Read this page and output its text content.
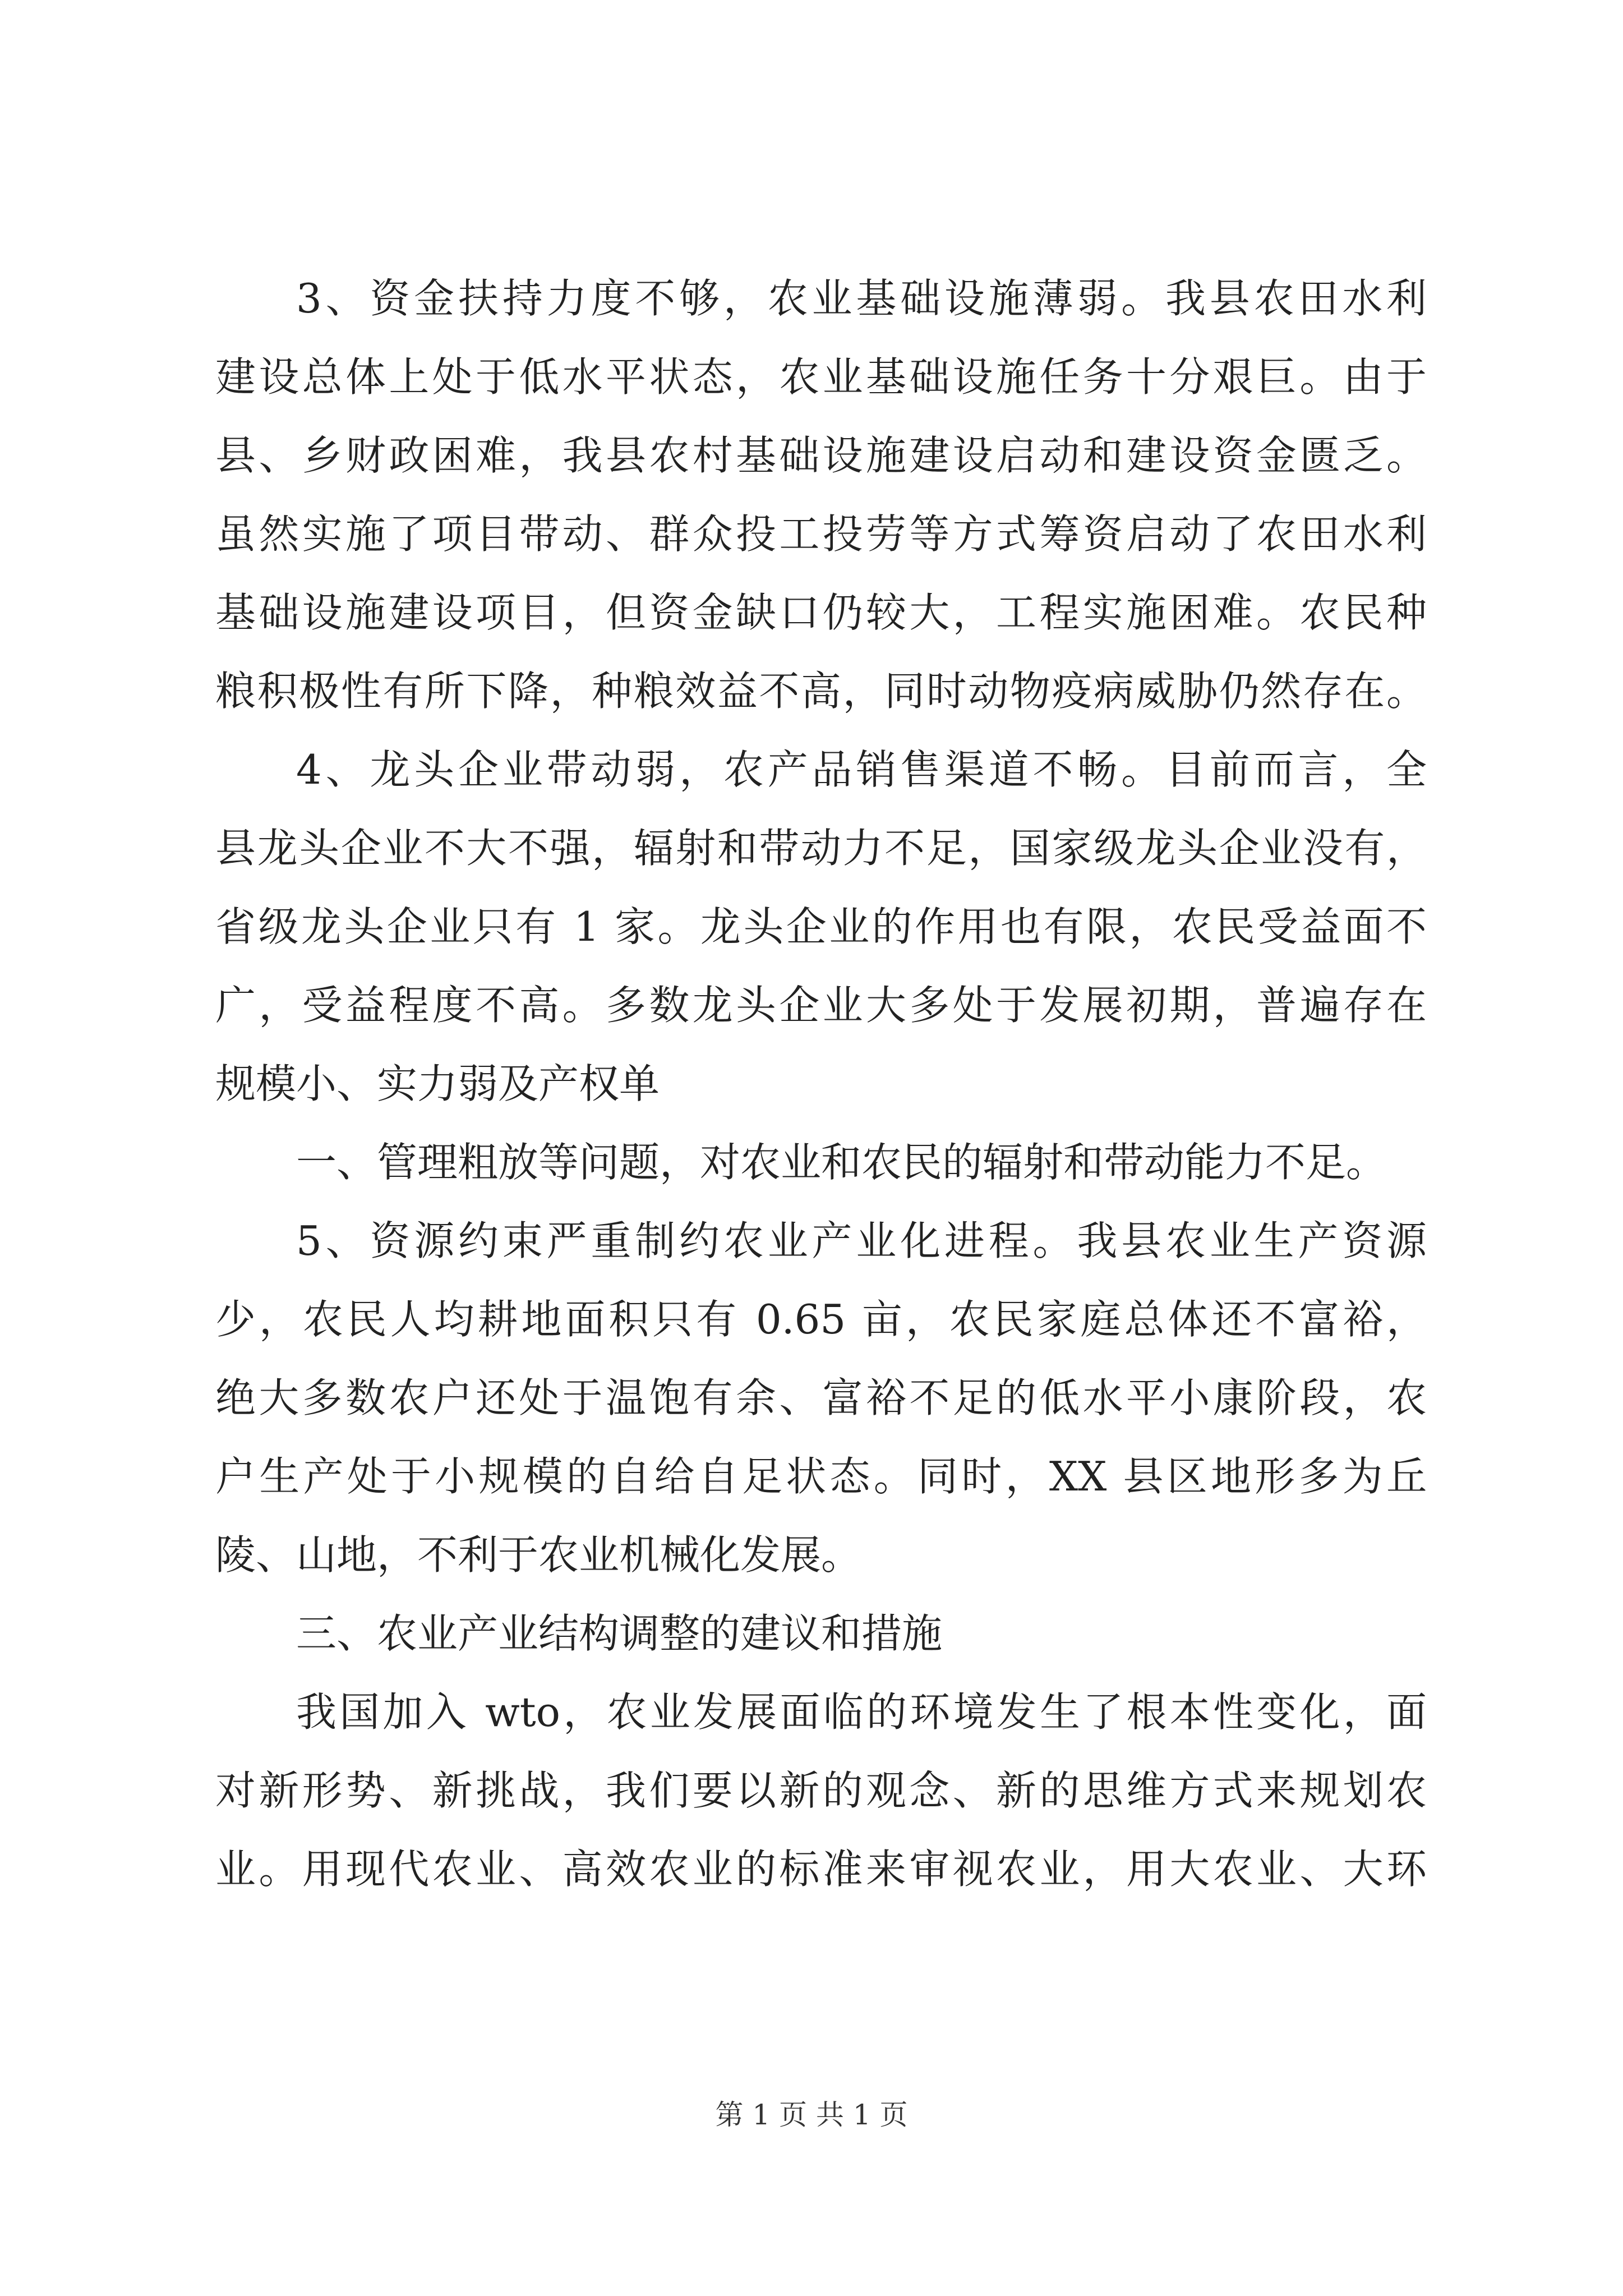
3、资金扶持力度不够，农业基础设施薄弱。我县农田水利
建设总体上处于低水平状态，农业基础设施任务十分艰巨。由于
县、乡财政困难，我县农村基础设施建设启动和建设资金匮乏。
虽然实施了项目带动、群众投工投劳等方式筹资启动了农田水利
基础设施建设项目，但资金缺口仍较大，工程实施困难。农民种
粮积极性有所下降，种粮效益不高，同时动物疫病威胁仍然存在。
4、龙头企业带动弱，农产品销售渠道不畅。目前而言，全
县龙头企业不大不强，辐射和带动力不足，国家级龙头企业没有，
省级龙头企业只有 1 家。龙头企业的作用也有限，农民受益面不
广，受益程度不高。多数龙头企业大多处于发展初期，普遍存在
规模小、实力弱及产权单
一、管理粗放等问题，对农业和农民的辐射和带动能力不足。
5、资源约束严重制约农业产业化进程。我县农业生产资源
少，农民人均耕地面积只有 0.65 亩，农民家庭总体还不富裕，
绝大多数农户还处于温饱有余、富裕不足的低水平小康阶段，农
户生产处于小规模的自给自足状态。同时，XX 县区地形多为丘
陵、山地，不利于农业机械化发展。
三、农业产业结构调整的建议和措施
我国加入 wto，农业发展面临的环境发生了根本性变化，面
对新形势、新挑战，我们要以新的观念、新的思维方式来规划农
业。用现代农业、高效农业的标准来审视农业，用大农业、大环
第 1 页 共 1 页
